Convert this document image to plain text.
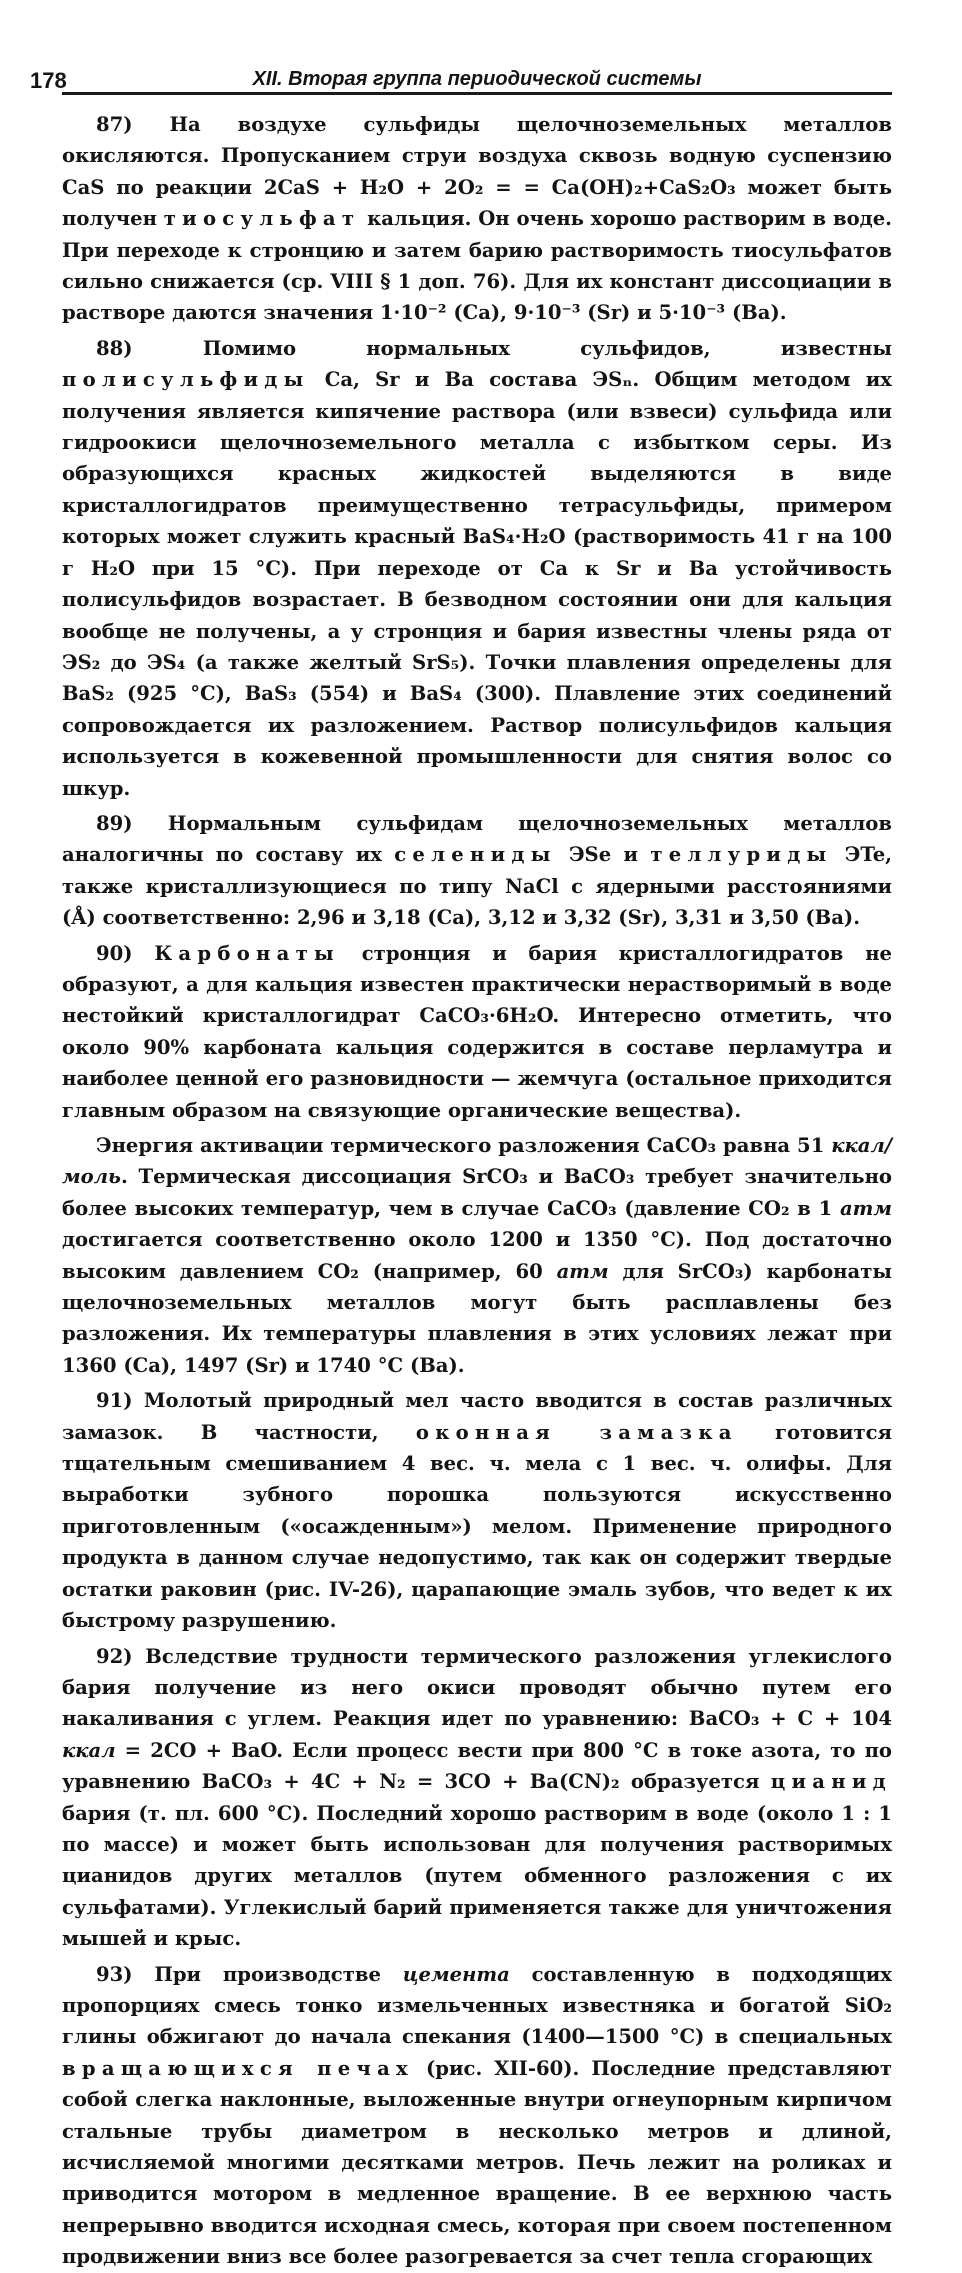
178	XII. Вторая группа периодической системы

87) На воздухе сульфиды щелочноземельных металлов окисляются. Пропусканием струи воздуха сквозь водную суспензию CaS по реакции 2CaS + H₂O + 2O₂ = = Ca(OH)₂+CaS₂O₃ может быть получен тиосульфат кальция. Он очень хорошо растворим в воде. При переходе к стронцию и затем барию растворимость тиосульфатов сильно снижается (ср. VIII § 1 доп. 76). Для их констант диссоциации в растворе даются значения 1·10⁻² (Ca), 9·10⁻³ (Sr) и 5·10⁻³ (Ba).

88) Помимо нормальных сульфидов, известны полисульфиды Ca, Sr и Ba состава ЭSₙ. Общим методом их получения является кипячение раствора (или взвеси) сульфида или гидроокиси щелочноземельного металла с избытком серы. Из образующихся красных жидкостей выделяются в виде кристаллогидратов преимущественно тетрасульфиды, примером которых может служить красный BaS₄·H₂O (растворимость 41 г на 100 г H₂O при 15 °C). При переходе от Ca к Sr и Ba устойчивость полисульфидов возрастает. В безводном состоянии они для кальция вообще не получены, а у стронция и бария известны члены ряда от ЭS₂ до ЭS₄ (а также желтый SrS₅). Точки плавления определены для BaS₂ (925 °C), BaS₃ (554) и BaS₄ (300). Плавление этих соединений сопровождается их разложением. Раствор полисульфидов кальция используется в кожевенной промышленности для снятия волос со шкур.

89) Нормальным сульфидам щелочноземельных металлов аналогичны по составу их селениды ЭSe и теллуриды ЭTe, также кристаллизующиеся по типу NaCl с ядерными расстояниями (Å) соответственно: 2,96 и 3,18 (Ca), 3,12 и 3,32 (Sr), 3,31 и 3,50 (Ba).

90) Карбонаты стронция и бария кристаллогидратов не образуют, а для кальция известен практически нерастворимый в воде нестойкий кристаллогидрат CaCO₃·6H₂O. Интересно отметить, что около 90% карбоната кальция содержится в составе перламутра и наиболее ценной его разновидности — жемчуга (остальное приходится главным образом на связующие органические вещества).

Энергия активации термического разложения CaCO₃ равна 51 ккал/моль. Термическая диссоциация SrCO₃ и BaCO₃ требует значительно более высоких температур, чем в случае CaCO₃ (давление CO₂ в 1 атм достигается соответственно около 1200 и 1350 °C). Под достаточно высоким давлением CO₂ (например, 60 атм для SrCO₃) карбонаты щелочноземельных металлов могут быть расплавлены без разложения. Их температуры плавления в этих условиях лежат при 1360 (Ca), 1497 (Sr) и 1740 °C (Ba).

91) Молотый природный мел часто вводится в состав различных замазок. В частности, оконная замазка готовится тщательным смешиванием 4 вес. ч. мела с 1 вес. ч. олифы. Для выработки зубного порошка пользуются искусственно приготовленным («осажденным») мелом. Применение природного продукта в данном случае недопустимо, так как он содержит твердые остатки раковин (рис. IV-26), царапающие эмаль зубов, что ведет к их быстрому разрушению.

92) Вследствие трудности термического разложения углекислого бария получение из него окиси проводят обычно путем его накаливания с углем. Реакция идет по уравнению: BaCO₃ + C + 104 ккал = 2CO + BaO. Если процесс вести при 800 °C в токе азота, то по уравнению BaCO₃ + 4C + N₂ = 3CO + Ba(CN)₂ образуется цианид бария (т. пл. 600 °C). Последний хорошо растворим в воде (около 1 : 1 по массе) и может быть использован для получения растворимых цианидов других металлов (путем обменного разложения с их сульфатами). Углекислый барий применяется также для уничтожения мышей и крыс.

93) При производстве цемента составленную в подходящих пропорциях смесь тонко измельченных известняка и богатой SiO₂ глины обжигают до начала спекания (1400—1500 °C) в специальных вращающихся печах (рис. XII-60). Последние представляют собой слегка наклонные, выложенные внутри огнеупорным кирпичом стальные трубы диаметром в несколько метров и длиной, исчисляемой многими десятками метров. Печь лежит на роликах и приводится мотором в медленное вращение. В ее верхнюю часть непрерывно вводится исходная смесь, которая при своем постепенном продвижении вниз все более разогревается за счет тепла сгорающих
